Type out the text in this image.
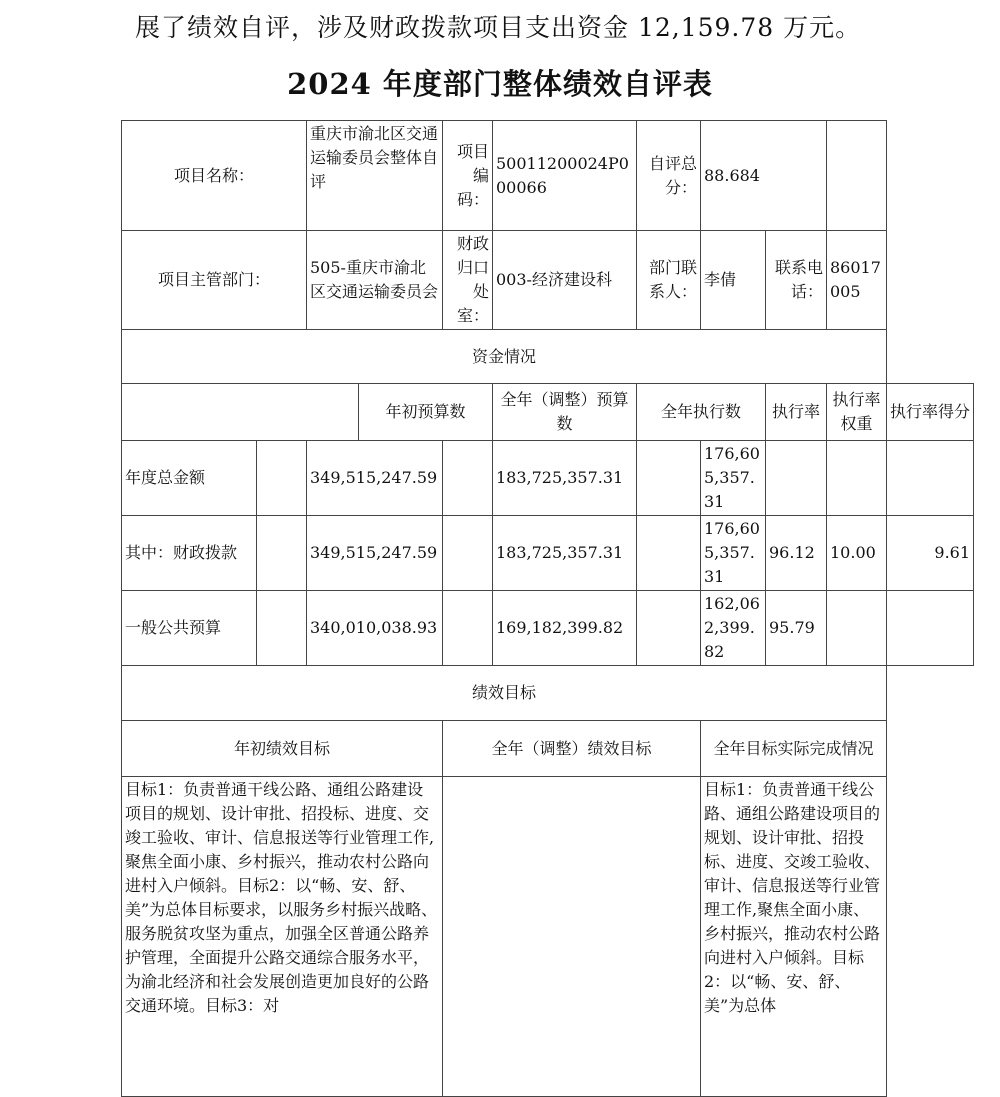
展了绩效自评，涉及财政拨款项目支出资金 12,159.78 万元。
2024 年度部门整体绩效自评表
项目名称：		重庆市渝北区交通运输委员会整体自评		项目编码：	50011200024P000066	自评总分：	88.684			
项目主管部门：		505-重庆市渝北区交通运输委员会		财政归口处室：	003-经济建设科	部门联系人：	李倩	联系电话：	86017005	
资金情况										
			年初预算数		全年（调整）预算数	全年执行数		执行率	执行率权重	执行率得分
年度总金额		349,515,247.59			183,725,357.31		176,605,357.31			
其中：财政拨款		349,515,247.59			183,725,357.31		176,605,357.31	96.12	10.00	9.61
一般公共预算		340,010,038.93			169,182,399.82		162,062,399.82	95.79		
绩效目标										
年初绩效目标				全年（调整）绩效目标			全年目标实际完成情况			
目标1：负责普通干线公路、通组公路建设项目的规划、设计审批、招投标、进度、交竣工验收、审计、信息报送等行业管理工作,聚焦全面小康、乡村振兴，推动农村公路向进村入户倾斜。目标2：以“畅、安、舒、美”为总体目标要求，以服务乡村振兴战略、服务脱贫攻坚为重点，加强全区普通公路养护管理，全面提升公路交通综合服务水平，为渝北经济和社会发展创造更加良好的公路交通环境。目标3：对							目标1：负责普通干线公路、通组公路建设项目的规划、设计审批、招投标、进度、交竣工验收、审计、信息报送等行业管理工作,聚焦全面小康、乡村振兴，推动农村公路向进村入户倾斜。目标2：以“畅、安、舒、美”为总体			
